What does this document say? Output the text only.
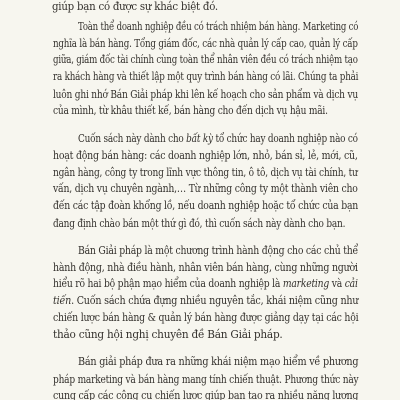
giúp bạn có được sự khác biệt đó.
Toàn thể doanh nghiệp đều có trách nhiệm bán hàng. Marketing có
nghĩa là bán hàng. Tổng giám đốc, các nhà quản lý cấp cao, quản lý cấp
giữa, giám đốc tài chính cùng toàn thể nhân viên đều có trách nhiệm tạo
ra khách hàng và thiết lập một quy trình bán hàng có lãi. Chúng ta phải
luôn ghi nhớ Bán Giải pháp khi lên kế hoạch cho sản phẩm và dịch vụ
của mình, từ khâu thiết kế, bán hàng cho đến dịch vụ hậu mãi.
Cuốn sách này dành cho bất kỳ tổ chức hay doanh nghiệp nào có
hoạt động bán hàng: các doanh nghiệp lớn, nhỏ, bán sỉ, lẻ, mới, cũ,
ngân hàng, công ty trong lĩnh vực thông tin, ô tô, dịch vụ tài chính, tư
vấn, dịch vụ chuyên ngành,… Từ những công ty một thành viên cho
đến các tập đoàn khổng lồ, nếu doanh nghiệp hoặc tổ chức của bạn
đang định chào bán một thứ gì đó, thì cuốn sách này dành cho bạn.
Bán Giải pháp là một chương trình hành động cho các chủ thể
hành động, nhà điều hành, nhân viên bán hàng, cùng những người
hiểu rõ hai bộ phận mạo hiểm của doanh nghiệp là marketing và cải
tiến. Cuốn sách chứa đựng nhiều nguyên tắc, khái niệm cũng như
chiến lược bán hàng & quản lý bán hàng được giảng dạy tại các hội
thảo cũng hội nghị chuyên đề Bán Giải pháp.
Bán giải pháp đưa ra những khái niệm mạo hiểm về phương
pháp marketing và bán hàng mang tính chiến thuật. Phương thức này
cung cấp các công cụ chiến lược giúp bạn tạo ra nhiều năng lượng
